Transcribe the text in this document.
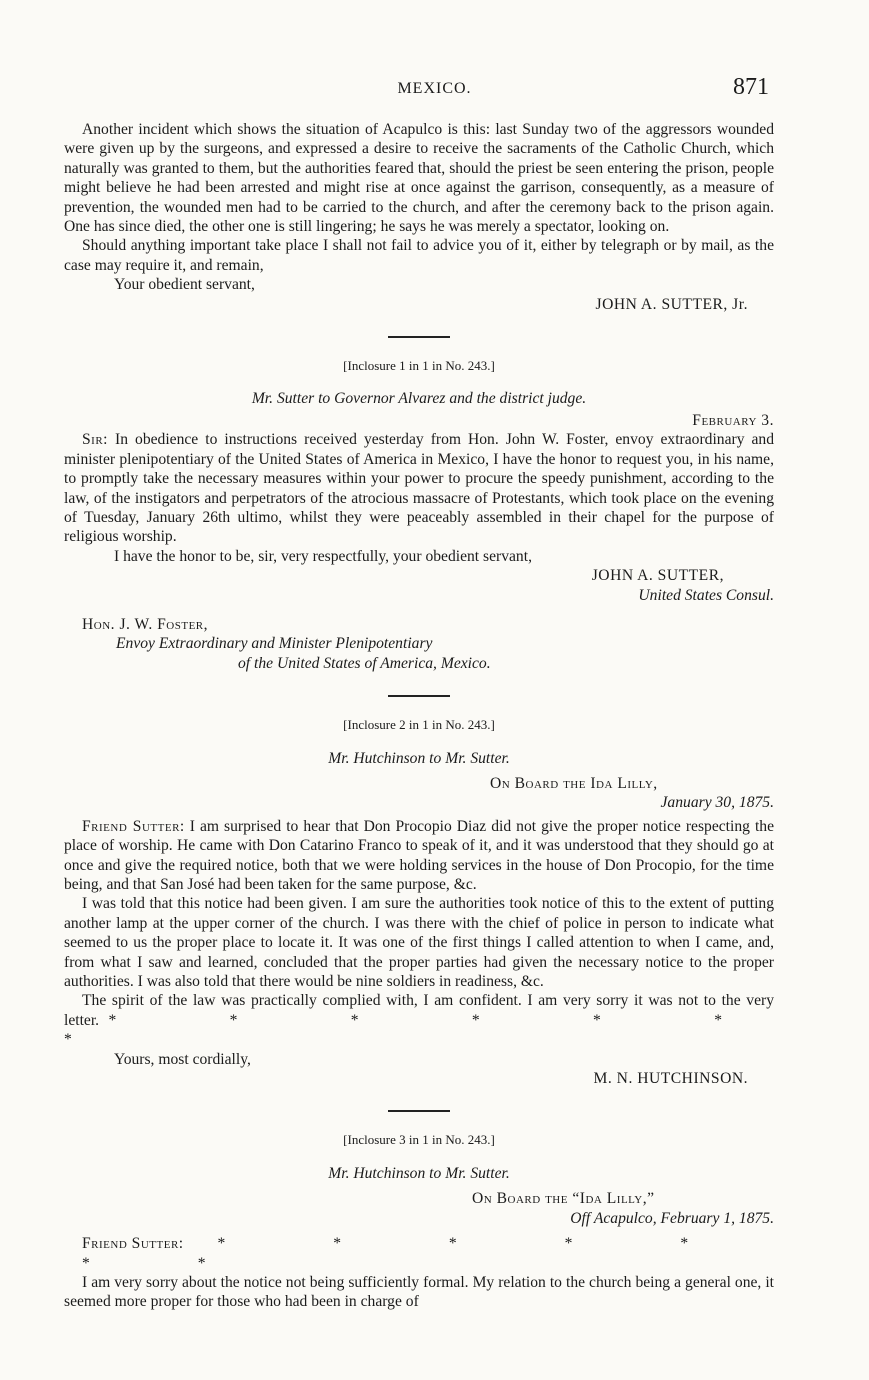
MEXICO.	871

Another incident which shows the situation of Acapulco is this: last Sunday two of the aggressors wounded were given up by the surgeons, and expressed a desire to receive the sacraments of the Catholic Church, which naturally was granted to them, but the authorities feared that, should the priest be seen entering the prison, people might believe he had been arrested and might rise at once against the garrison, consequently, as a measure of prevention, the wounded men had to be carried to the church, and after the ceremony back to the prison again. One has since died, the other one is still lingering; he says he was merely a spectator, looking on.

Should anything important take place I shall not fail to advice you of it, either by telegraph or by mail, as the case may require it, and remain,

Your obedient servant,
JOHN A. SUTTER, Jr.
[Inclosure 1 in 1 in No. 243.]
Mr. Sutter to Governor Alvarez and the district judge.
February 3.

Sir: In obedience to instructions received yesterday from Hon. John W. Foster, envoy extraordinary and minister plenipotentiary of the United States of America in Mexico, I have the honor to request you, in his name, to promptly take the necessary measures within your power to procure the speedy punishment, according to the law, of the instigators and perpetrators of the atrocious massacre of Protestants, which took place on the evening of Tuesday, January 26th ultimo, whilst they were peaceably assembled in their chapel for the purpose of religious worship.

I have the honor to be, sir, very respectfully, your obedient servant,
JOHN A. SUTTER,
United States Consul.
Hon. J. W. Foster,
Envoy Extraordinary and Minister Plenipotentiary
of the United States of America, Mexico.
[Inclosure 2 in 1 in No. 243.]
Mr. Hutchinson to Mr. Sutter.
On Board the Ida Lilly,
January 30, 1875.

Friend Sutter: I am surprised to hear that Don Procopio Diaz did not give the proper notice respecting the place of worship. He came with Don Catarino Franco to speak of it, and it was understood that they should go at once and give the required notice, both that we were holding services in the house of Don Procopio, for the time being, and that San José had been taken for the same purpose, &c.

I was told that this notice had been given. I am sure the authorities took notice of this to the extent of putting another lamp at the upper corner of the church. I was there with the chief of police in person to indicate what seemed to us the proper place to locate it. It was one of the first things I called attention to when I came, and, from what I saw and learned, concluded that the proper parties had given the necessary notice to the proper authorities. I was also told that there would be nine soldiers in readiness, &c.

The spirit of the law was practically complied with, I am confident. I am very sorry it was not to the very letter. * * * * * * *

Yours, most cordially,
M. N. HUTCHINSON.
[Inclosure 3 in 1 in No. 243.]
Mr. Hutchinson to Mr. Sutter.
On Board the “Ida Lilly,”
Off Acapulco, February 1, 1875.
Friend Sutter: * * * * * * *

I am very sorry about the notice not being sufficiently formal. My relation to the church being a general one, it seemed more proper for those who had been in charge of
